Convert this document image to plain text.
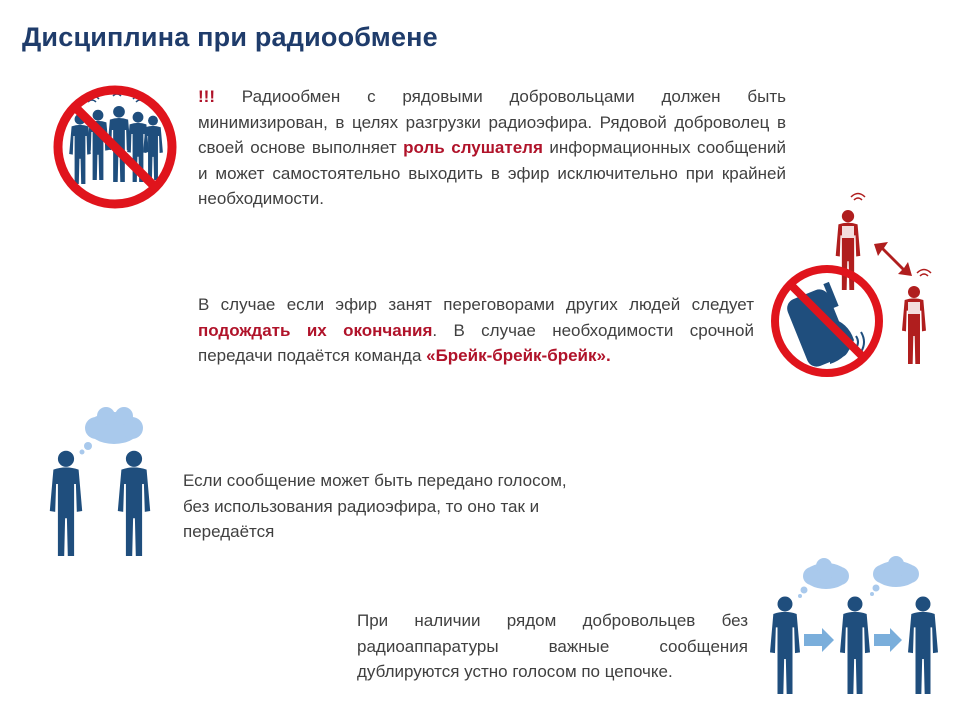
Дисциплина при радиообмене

!!! Радиообмен с рядовыми добровольцами должен быть минимизирован, в целях разгрузки радиоэфира. Рядовой доброволец в своей основе выполняет роль слушателя информационных сообщений и может самостоятельно выходить в эфир исключительно при крайней необходимости.

В случае если эфир занят переговорами других людей следует подождать их окончания. В случае необходимости срочной передачи подаётся команда «Брейк-брейк-брейк».

Если сообщение может быть передано голосом, без использования радиоэфира, то оно так и передаётся

При наличии рядом добровольцев без радиоаппаратуры важные сообщения дублируются устно голосом по цепочке.
